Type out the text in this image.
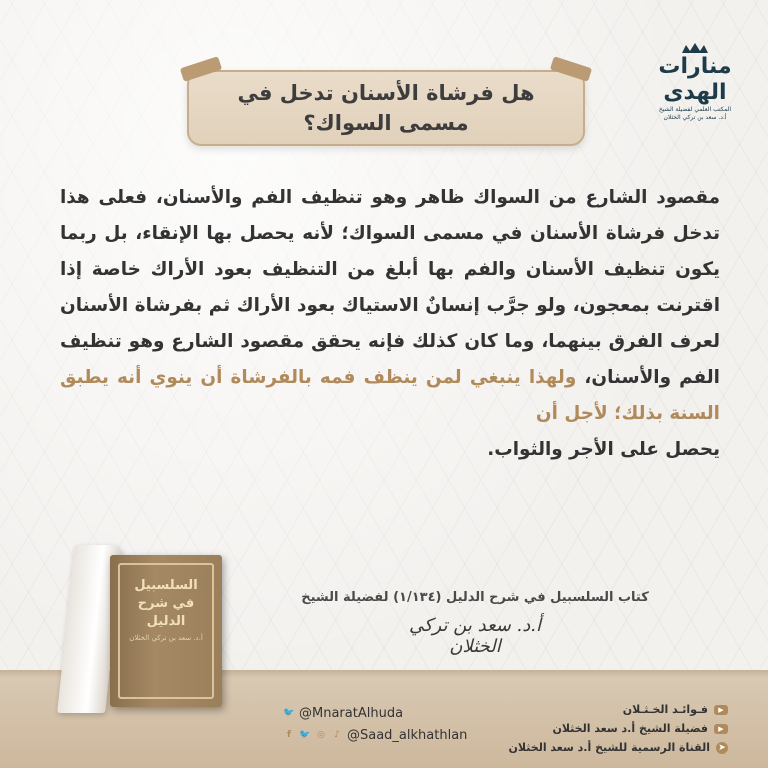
منارات الهدى
المكتب العلمي لفضيلة الشيخ
أ.د. سعد بن تركي الخثلان
هل فرشاة الأسنان تدخل في
مسمى السواك؟
مقصود الشارع من السواك ظاهر وهو تنظيف الفم والأسنان، فعلى هذا تدخل فرشاة الأسنان في مسمى السواك؛ لأنه يحصل بها الإنقاء، بل ربما يكون تنظيف الأسنان والفم بها أبلغ من التنظيف بعود الأراك خاصة إذا اقترنت بمعجون، ولو جرَّب إنسانٌ الاستياك بعود الأراك ثم بفرشاة الأسنان لعرف الفرق بينهما، وما كان كذلك فإنه يحقق مقصود الشارع وهو تنظيف الفم والأسنان، ولهذا ينبغي لمن ينظف فمه بالفرشاة أن ينوي أنه يطبق السنة بذلك؛ لأجل أن
يحصل على الأجر والثواب.
السلسبيل في شرح الدليل
أ.د. سعد بن تركي الخثلان
كتاب السلسبيل في شرح الدليل (١/١٣٤) لفضيلة الشيخ
أ.د. سعد بن تركي الخثلان
🐦 @MnaratAlhuda
f 🐦 ◎	♪ @Saad_alkhathlan
▶
فـوائـد الخـثـلان
▶
فضيلة الشيخ أ.د سعد الخثلان
➤
القناة الرسمية للشيخ أ.د سعد الخثلان
